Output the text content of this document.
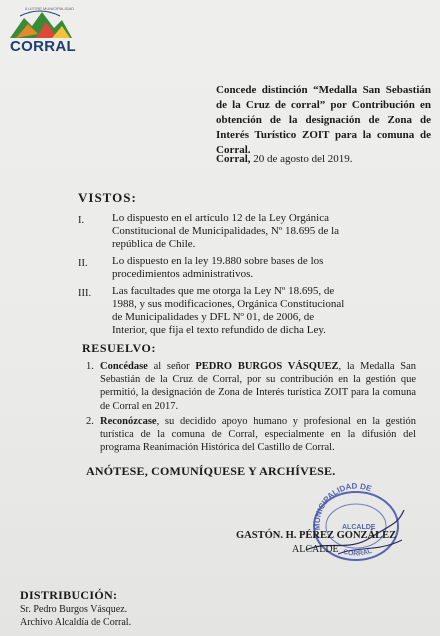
ILUSTRE MUNICIPALIDAD
CORRAL
Concede distinción “Medalla San Sebastián de la Cruz de corral” por Contribución en obtención de la designación de Zona de Interés Turístico ZOIT para la comuna de Corral.
Corral, 20 de agosto del 2019.
VISTOS:
I.	Lo dispuesto en el artículo 12 de la Ley Orgánica Constitucional de Municipalidades, Nº 18.695 de la república de Chile.
II.	Lo dispuesto en la ley 19.880 sobre bases de los procedimientos administrativos.
III.	Las facultades que me otorga la Ley Nº 18.695, de 1988, y sus modificaciones, Orgánica Constitucional de Municipalidades y DFL Nº 01, de 2006, de Interior, que fija el texto refundido de dicha Ley.
RESUELVO:
1. Concédase al señor PEDRO BURGOS VÁSQUEZ, la Medalla San Sebastián de la Cruz de Corral, por su contribución en la gestión que permitió, la designación de Zona de Interés turística ZOIT para la comuna de Corral en 2017.
2. Reconózcase, su decidido apoyo humano y profesional en la gestión turística de la comuna de Corral, especialmente en la difusión del programa Reanimación Histórica del Castillo de Corral.
ANÓTESE, COMUNÍQUESE Y ARCHÍVESE.
MUNICIPALIDAD DE
ALCALDE
CORRAL
GASTÓN. H. PÉREZ GONZÁLEZ
ALCALDE
DISTRIBUCIÓN:
Sr. Pedro Burgos Vásquez.
Archivo Alcaldía de Corral.
